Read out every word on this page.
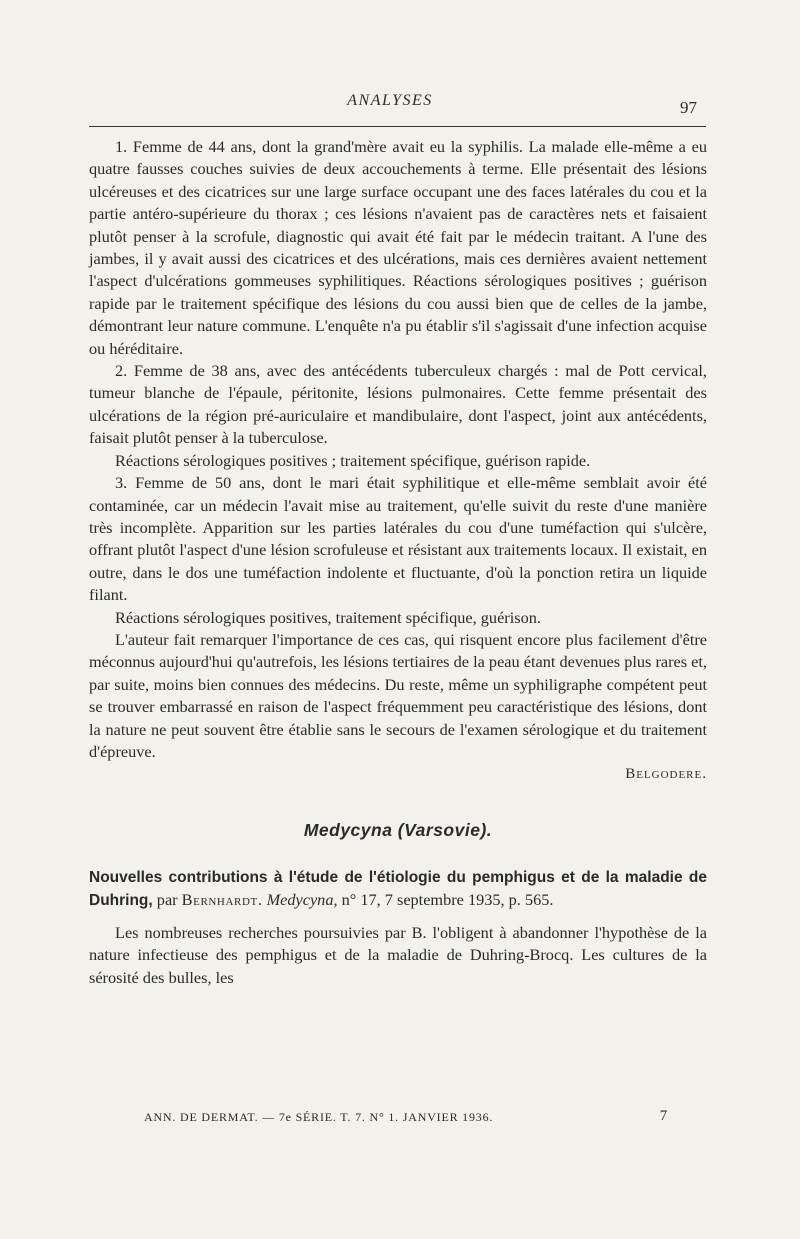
ANALYSES	97

1. Femme de 44 ans, dont la grand'mère avait eu la syphilis. La malade elle-même a eu quatre fausses couches suivies de deux accouchements à terme. Elle présentait des lésions ulcéreuses et des cicatrices sur une large surface occupant une des faces latérales du cou et la partie antéro-supérieure du thorax ; ces lésions n'avaient pas de caractères nets et faisaient plutôt penser à la scrofule, diagnostic qui avait été fait par le médecin traitant. A l'une des jambes, il y avait aussi des cicatrices et des ulcérations, mais ces dernières avaient nettement l'aspect d'ulcérations gommeuses syphilitiques. Réactions sérologiques positives ; guérison rapide par le traitement spécifique des lésions du cou aussi bien que de celles de la jambe, démontrant leur nature commune. L'enquête n'a pu établir s'il s'agissait d'une infection acquise ou héréditaire.

2. Femme de 38 ans, avec des antécédents tuberculeux chargés : mal de Pott cervical, tumeur blanche de l'épaule, péritonite, lésions pulmonaires. Cette femme présentait des ulcérations de la région pré-auriculaire et mandibulaire, dont l'aspect, joint aux antécédents, faisait plutôt penser à la tuberculose.

Réactions sérologiques positives ; traitement spécifique, guérison rapide.

3. Femme de 50 ans, dont le mari était syphilitique et elle-même semblait avoir été contaminée, car un médecin l'avait mise au traitement, qu'elle suivit du reste d'une manière très incomplète. Apparition sur les parties latérales du cou d'une tuméfaction qui s'ulcère, offrant plutôt l'aspect d'une lésion scrofuleuse et résistant aux traitements locaux. Il existait, en outre, dans le dos une tuméfaction indolente et fluctuante, d'où la ponction retira un liquide filant.

Réactions sérologiques positives, traitement spécifique, guérison.

L'auteur fait remarquer l'importance de ces cas, qui risquent encore plus facilement d'être méconnus aujourd'hui qu'autrefois, les lésions tertiaires de la peau étant devenues plus rares et, par suite, moins bien connues des médecins. Du reste, même un syphiligraphe compétent peut se trouver embarrassé en raison de l'aspect fréquemment peu caractéristique des lésions, dont la nature ne peut souvent être établie sans le secours de l'examen sérologique et du traitement d'épreuve.

Belgodere.

Medycyna (Varsovie).

Nouvelles contributions à l'étude de l'étiologie du pemphigus et de la maladie de Duhring, par Bernhardt. Medycyna, n° 17, 7 septembre 1935, p. 565.

Les nombreuses recherches poursuivies par B. l'obligent à abandonner l'hypothèse de la nature infectieuse des pemphigus et de la maladie de Duhring-Brocq. Les cultures de la sérosité des bulles, les

ANN. DE DERMAT. — 7e SÉRIE. T. 7. N° 1. JANVIER 1936.	7
